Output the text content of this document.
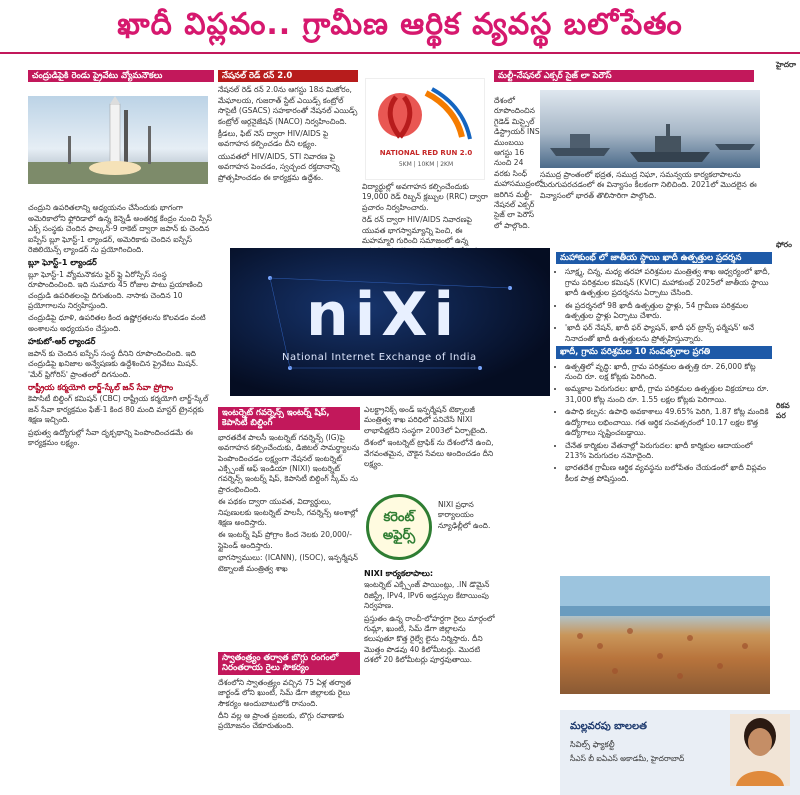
ఖాదీ విప్లవం.. గ్రామీణ ఆర్థిక వ్యవస్థ బలోపేతం
చంద్రుడిపైకి రెండు ప్రైవేటు వ్యోమనౌకలు

చంద్రుని ఉపరితలాన్ని అధ్యయనం చేసేందుకు భాగంగా అమెరికాలోని ఫ్లోరిడాలో ఉన్న కెన్నెడీ అంతరిక్ష కేంద్రం నుంచి స్పేస్ ఎక్స్ సంస్థకు చెందిన ఫాల్కన్-9 రాకెట్ ద్వారా జపాన్ కు చెందిన ఐస్పేస్ బ్లూ ఘోస్ట్-1 ల్యాండర్, అమెరికాకు చెందిన ఐస్పేస్ రెజిలియెన్స్ ల్యాండర్ ను ప్రయోగించింది.

బ్లూ ఘోస్ట్-1 ల్యాండర్

బ్లూ ఘోస్ట్-1 వ్యోమనౌకను ఫైర్ ఫ్లై ఏరోస్పేస్ సంస్థ రూపొందించింది. ఇది సుమారు 45 రోజుల పాటు ప్రయాణించి చంద్రుడి ఉపరితలంపై దిగుతుంది. నాసాకు చెందిన 10 ప్రయోగాలను నిర్వహిస్తుంది.

చంద్రుడిపై ధూళి, ఉపరితల కింద ఉష్ణోగ్రతలను కొలవడం వంటి అంశాలను అధ్యయనం చేస్తుంది.

హకుటో-ఆర్ ల్యాండర్

జపాన్ కు చెందిన ఐస్పేస్ సంస్థ దీనిని రూపొందించింది. ఇది చంద్రుడిపై ఖనిజాల అన్వేషణకు ఉద్దేశించిన ప్రైవేటు మిషన్. 'మేర్ ఫ్రిగోరిస్' ప్రాంతంలో దిగనుంది.

రాష్ట్రీయ కర్మయోగి లార్జ్-స్కేల్ జన్ సేవా ప్రోగ్రాం

కెపాసిటీ బిల్డింగ్ కమిషన్ (CBC) రాష్ట్రీయ కర్మయోగి లార్జ్-స్కేల్ జన్ సేవా కార్యక్రమం ఫేజ్-1 కింద 80 మంది మాస్టర్ ట్రైనర్లకు శిక్షణ ఇచ్చింది.

ప్రభుత్వ ఉద్యోగుల్లో సేవా దృక్పథాన్ని పెంపొందించడమే ఈ కార్యక్రమం లక్ష్యం.

నేషనల్ రెడ్ రన్ 2.0

నేషనల్ రెడ్ రన్ 2.0ను ఆగస్టు 18న మిజోరం, మేఘాలయ, గుజరాత్ స్టేట్ ఎయిడ్స్ కంట్రోల్ సొసైటీ (GSACS) సహకారంతో నేషనల్ ఎయిడ్స్ కంట్రోల్ ఆర్గనైజేషన్ (NACO) నిర్వహించింది.

క్రీడలు, ఫిట్ నెస్ ద్వారా HIV/AIDS పై అవగాహన కల్పించడం దీని లక్ష్యం.

యువతలో HIV/AIDS, STI నివారణ పై అవగాహన పెంచడం, స్వచ్ఛంద రక్తదానాన్ని ప్రోత్సహించడం ఈ కార్యక్రమ ఉద్దేశం.

NATIONAL RED RUN 2.0
5KM | 10KM | 2KM

విద్యార్థుల్లో అవగాహన కల్పించేందుకు 19,000 రెడ్ రిబ్బన్ క్లబ్బుల (RRC) ద్వారా ప్రచారం నిర్వహించారు.

రెడ్ రన్ ద్వారా HIV/AIDS నివారణపై యువత భాగస్వామ్యాన్ని పెంచి, ఈ మహమ్మారి గురించి సమాజంలో ఉన్న

మల్టీ-నేషనల్ ఎక్సర్ సైజ్ లా పెరౌస్

దేశంలో రూపొందించిన గైడెడ్ మిస్సైల్ డిస్ట్రాయర్ INS ముంబయి ఆగస్టు 16 నుంచి 24 వరకు సింధ్ మహాసముద్రంలో జరిగిన మల్టీ-నేషనల్ ఎక్సర్ సైజ్ లా పెరౌస్ లో పాల్గొంది.

సముద్ర ప్రాంతంలో భద్రత, సముద్ర నిఘా, సమన్వయ కార్యకలాపాలను మెరుగుపరచడంలో ఈ విన్యాసం కీలకంగా నిలిచింది. 2021లో మొదలైన ఈ విన్యాసంలో భారత్ తొలిసారిగా పాల్గొంది.

niXi
National Internet Exchange of India
ఇంటర్నెట్ గవర్నెన్స్ ఇంటర్న్ షిప్, కెపాసిటీ బిల్డింగ్

భారతదేశ పాలసీ ఇంటర్నెట్ గవర్నెన్స్ (IG)పై అవగాహన కల్పించేందుకు, డిజిటల్ సామర్థ్యాలను పెంపొందించడం లక్ష్యంగా నేషనల్ ఇంటర్నెట్ ఎక్స్చేంజ్ ఆఫ్ ఇండియా (NIXI) ఇంటర్నెట్ గవర్నెన్స్ ఇంటర్న్ షిప్, కెపాసిటీ బిల్డింగ్ స్కీమ్ ను ప్రారంభించింది.

ఈ పథకం ద్వారా యువత, విద్యార్థులు, నిపుణులకు ఇంటర్నెట్ పాలసీ, గవర్నెన్స్ అంశాల్లో శిక్షణ అందిస్తారు.

ఈ ఇంటర్న్ షిప్ ప్రోగ్రాం కింద నెలకు 20,000/- స్టైపెండ్ అందిస్తారు.

భాగస్వాములు: (ICANN), (ISOC), ఇన్ఫర్మేషన్ టెక్నాలజీ మంత్రిత్వ శాఖ

స్వాతంత్ర్యం తర్వాత బొగ్గు రంగంలో నిరంతరాయ రైలు సౌకర్యం

దేశంలోని స్వాతంత్ర్యం వచ్చిన 75 ఏళ్ల తర్వాత జార్ఖండ్ లోని ఖుంటీ, సిమ్ డేగా జిల్లాలకు రైలు సౌకర్యం అందుబాటులోకి రానుంది.

దీని వల్ల ఆ ప్రాంత ప్రజలకు, బొగ్గు రవాణాకు ప్రయోజనం చేకూరుతుంది.

ఎలక్ట్రానిక్స్ అండ్ ఇన్ఫర్మేషన్ టెక్నాలజీ మంత్రిత్వ శాఖ పరిధిలో పనిచేసే NIXI లాభాపేక్షలేని సంస్థగా 2003లో ఏర్పాటైంది.

దేశంలో ఇంటర్నెట్ ట్రాఫిక్ ను దేశంలోనే ఉంచి, వేగవంతమైన, చౌకైన సేవలు అందించడం దీని లక్ష్యం.

కరెంట్
అఫైర్స్

NIXI ప్రధాన కార్యాలయం న్యూఢిల్లీలో ఉంది.

NIXI కార్యకలాపాలు:

ఇంటర్నెట్ ఎక్స్చేంజ్ పాయింట్లు, .IN డొమైన్ రిజిస్ట్రీ, IPv4, IPv6 అడ్రస్సుల కేటాయింపు నిర్వహణ.

ప్రస్తుతం ఉన్న రాంచీ-లోహర్దగా రైలు మార్గంలో గుమ్లా, ఖుంటీ, సిమ్ డేగా జిల్లాలను కలుపుతూ కొత్త రైల్వే లైను నిర్మిస్తారు. దీని మొత్తం పొడవు 40 కిలోమీటర్లు. మొదటి దశలో 20 కిలోమీటర్లు పూర్తవుతాయి.

మహాకుంభ్ లో జాతీయ స్థాయి ఖాదీ ఉత్పత్తుల ప్రదర్శన
• సూక్ష్మ, చిన్న, మధ్య తరహా పరిశ్రమల మంత్రిత్వ శాఖ ఆధ్వర్యంలో ఖాదీ, గ్రామ పరిశ్రమల కమిషన్ (KVIC) మహాకుంభ్ 2025లో జాతీయ స్థాయి ఖాదీ ఉత్పత్తుల ప్రదర్శనను ఏర్పాటు చేసింది.
• ఈ ప్రదర్శనలో 98 ఖాదీ ఉత్పత్తుల స్టాళ్లు, 54 గ్రామీణ పరిశ్రమల ఉత్పత్తుల స్టాళ్లు ఏర్పాటు చేశారు.
• 'ఖాదీ ఫర్ నేషన్, ఖాదీ ఫర్ ఫ్యాషన్, ఖాదీ ఫర్ ట్రాన్స్ ఫర్మేషన్' అనే నినాదంతో ఖాదీ ఉత్పత్తులను ప్రోత్సహిస్తున్నారు.
ఖాదీ, గ్రామ పరిశ్రమల 10 సంవత్సరాల ప్రగతి
• ఉత్పత్తిలో వృద్ధి: ఖాదీ, గ్రామ పరిశ్రమల ఉత్పత్తి రూ. 26,000 కోట్ల నుంచి రూ. లక్ష కోట్లకు పెరిగింది.
• అమ్మకాల పెరుగుదల: ఖాదీ, గ్రామ పరిశ్రమల ఉత్పత్తుల విక్రయాలు రూ. 31,000 కోట్ల నుంచి రూ. 1.55 లక్షల కోట్లకు పెరిగాయి.
• ఉపాధి కల్పన: ఉపాధి అవకాశాలు 49.65% పెరిగి, 1.87 కోట్ల మందికి ఉద్యోగాలు లభించాయి. గత ఆర్థిక సంవత్సరంలో 10.17 లక్షల కొత్త ఉద్యోగాలు సృష్టించబడ్డాయి.
• చేనేత కార్మికుల వేతనాల్లో పెరుగుదల: ఖాదీ కార్మికుల ఆదాయంలో 213% పెరుగుదల నమోదైంది.
• భారతదేశ గ్రామీణ ఆర్థిక వ్యవస్థను బలోపేతం చేయడంలో ఖాదీ విప్లవం కీలక పాత్ర పోషిస్తుంది.
హైదరా
ఫోరం
రికవ పర
మల్లవరపు బాలలత
సివిల్స్ ఫ్యాకల్టీ
సీఎస్ బీ ఐఏఎస్ అకాడమీ, హైదరాబాద్
